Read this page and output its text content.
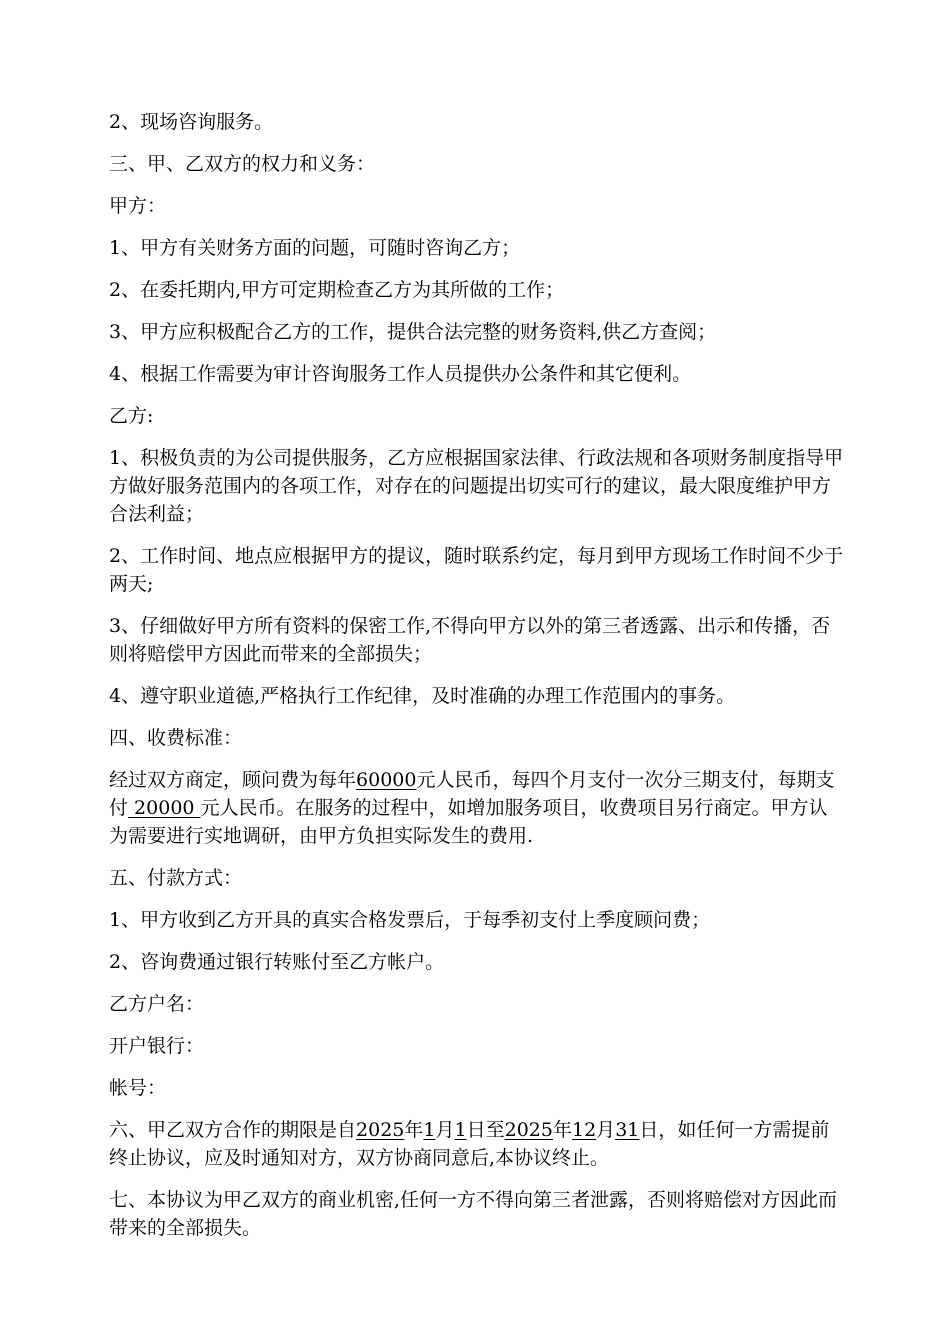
2、现场咨询服务。

三、甲、乙双方的权力和义务：

甲方：

1、甲方有关财务方面的问题，可随时咨询乙方；

2、在委托期内,甲方可定期检查乙方为其所做的工作；

3、甲方应积极配合乙方的工作，提供合法完整的财务资料,供乙方查阅；

4、根据工作需要为审计咨询服务工作人员提供办公条件和其它便利。

乙方:

1、积极负责的为公司提供服务，乙方应根据国家法律、行政法规和各项财务制度指导甲方做好服务范围内的各项工作，对存在的问题提出切实可行的建议，最大限度维护甲方合法利益；

2、工作时间、地点应根据甲方的提议，随时联系约定，每月到甲方现场工作时间不少于两天;

3、仔细做好甲方所有资料的保密工作,不得向甲方以外的第三者透露、出示和传播，否则将赔偿甲方因此而带来的全部损失；

4、遵守职业道德,严格执行工作纪律，及时准确的办理工作范围内的事务。

四、收费标准：

经过双方商定，顾问费为每年60000元人民币，每四个月支付一次分三期支付，每期支付 20000 元人民币。在服务的过程中，如增加服务项目，收费项目另行商定。甲方认为需要进行实地调研，由甲方负担实际发生的费用.

五、付款方式：

1、甲方收到乙方开具的真实合格发票后，于每季初支付上季度顾问费；

2、咨询费通过银行转账付至乙方帐户。

乙方户名：

开户银行：

帐号：

六、甲乙双方合作的期限是自2025年1月1日至2025年12月31日，如任何一方需提前终止协议，应及时通知对方，双方协商同意后,本协议终止。

七、本协议为甲乙双方的商业机密,任何一方不得向第三者泄露，否则将赔偿对方因此而带来的全部损失。
